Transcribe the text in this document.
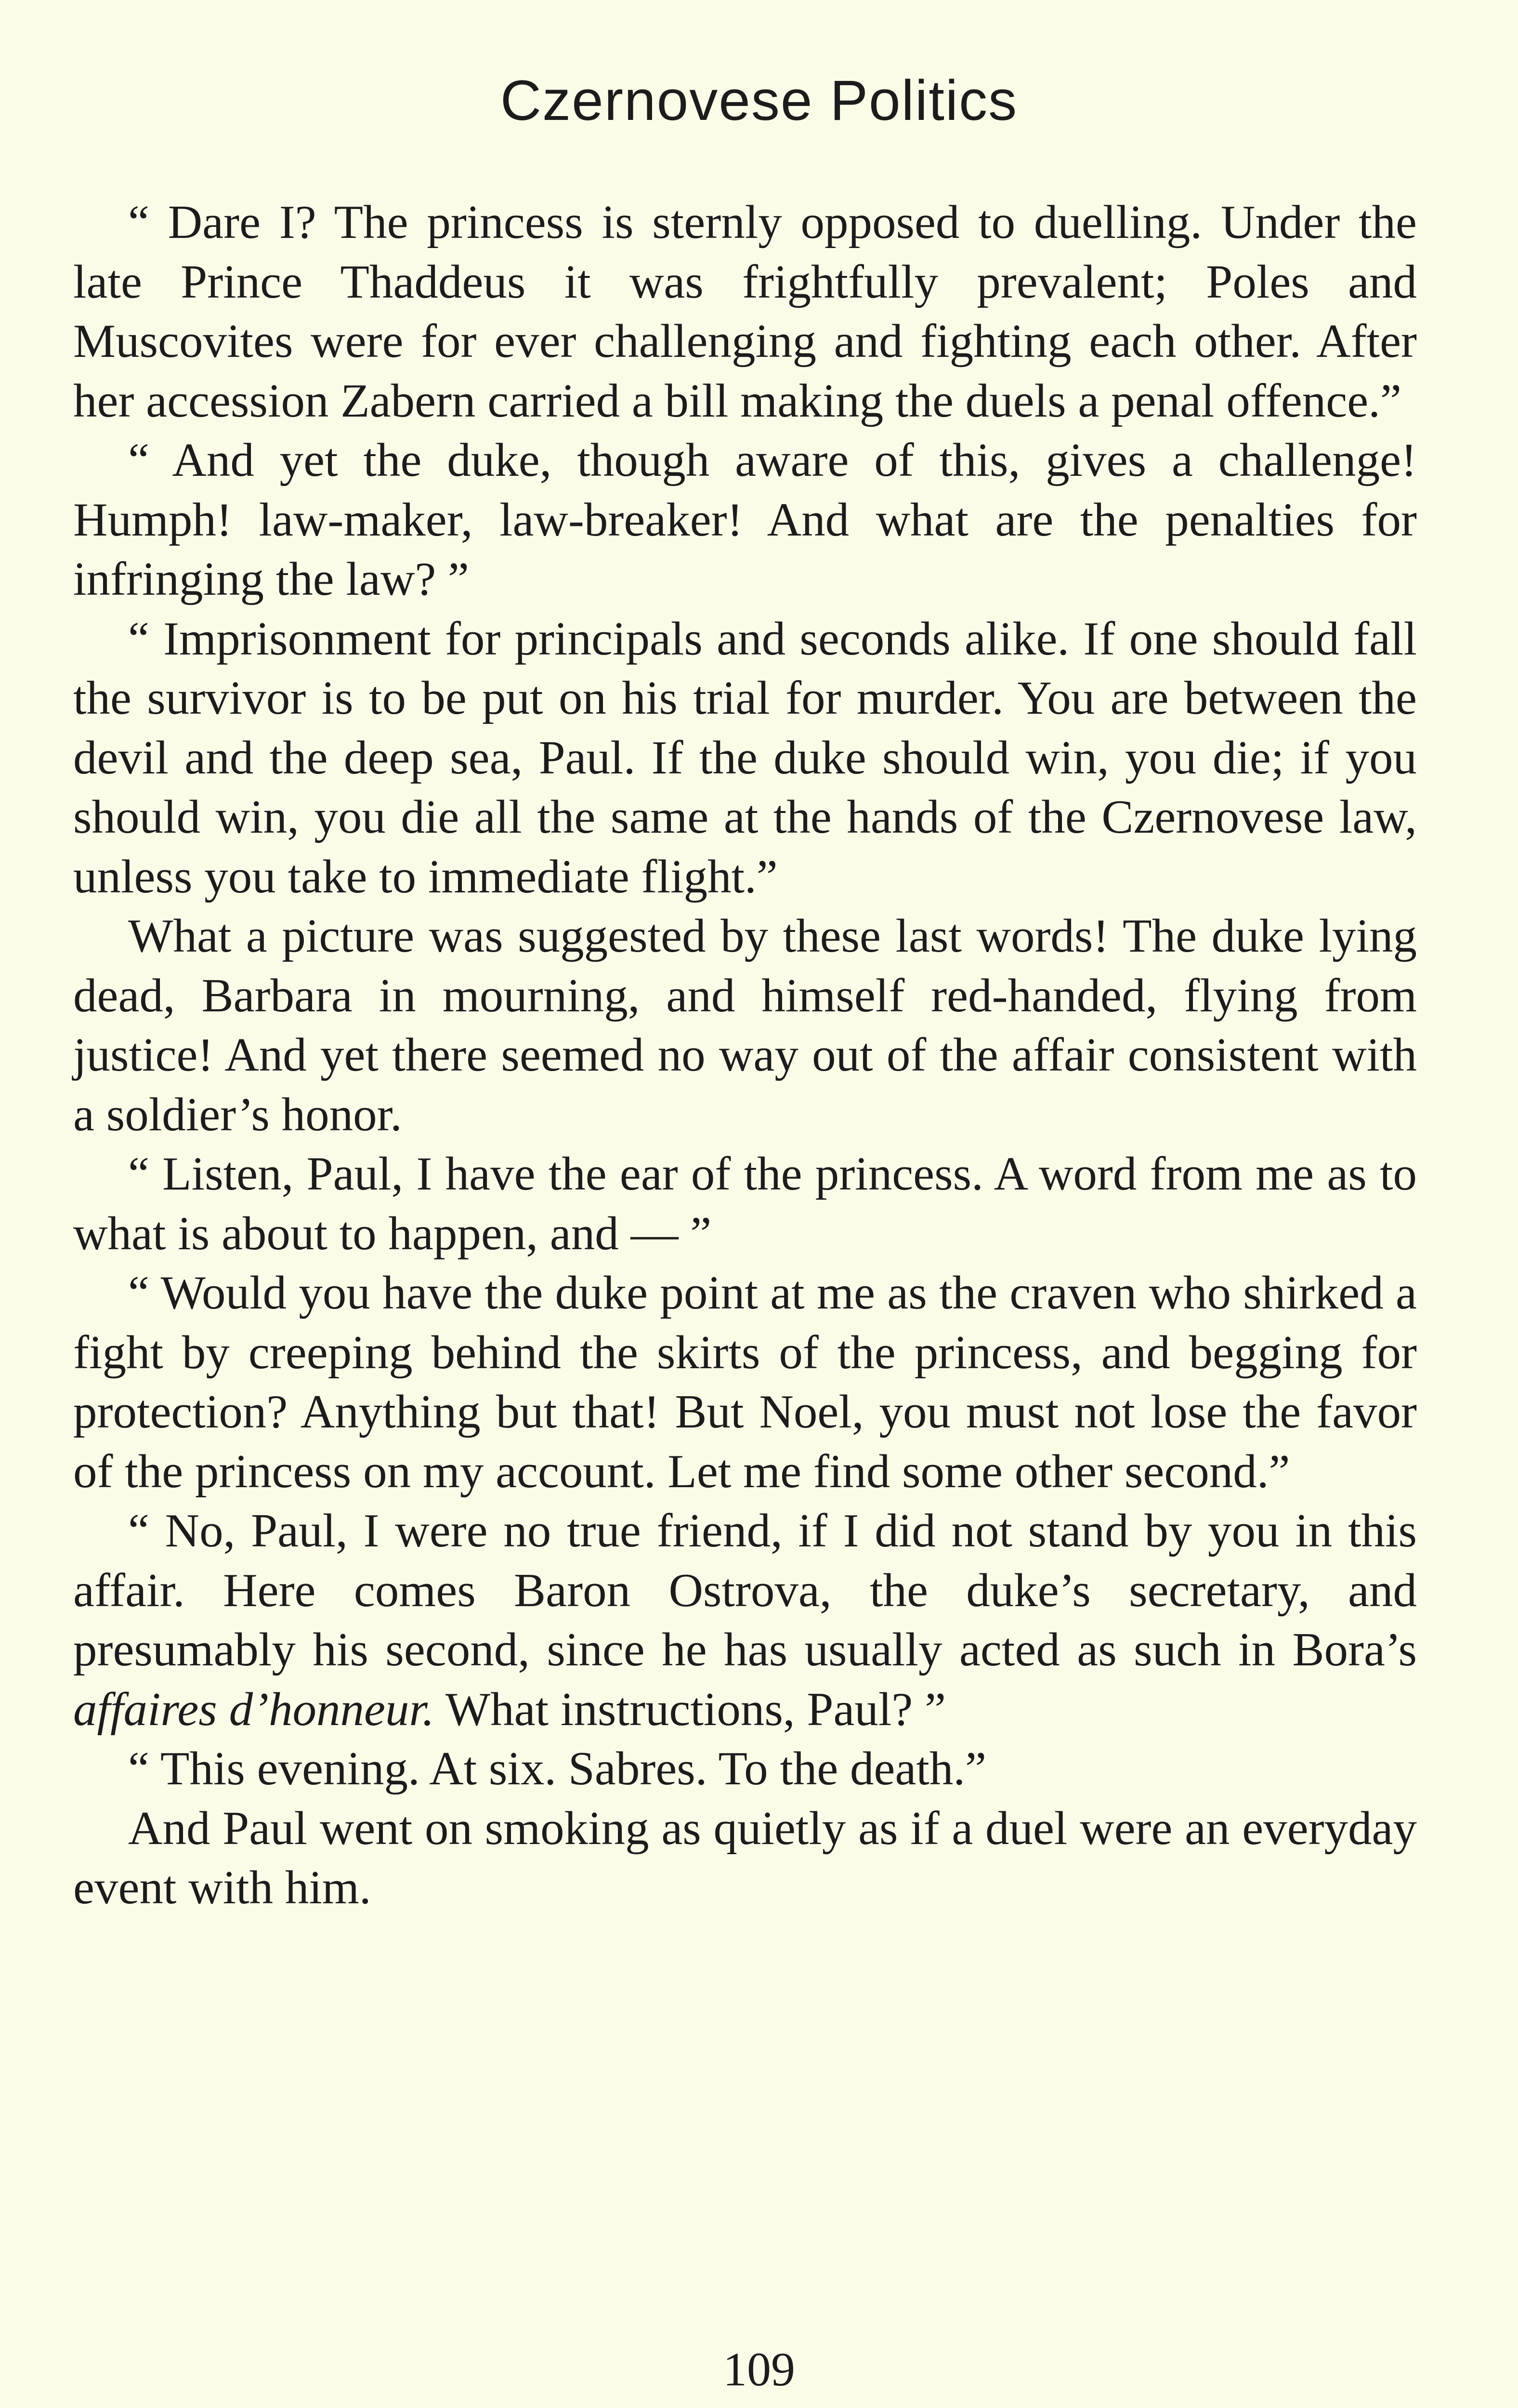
Czernovese Politics

“ Dare I? The princess is sternly opposed to duelling. Under the late Prince Thaddeus it was frightfully prevalent; Poles and Muscovites were for ever challenging and fighting each other. After her accession Zabern carried a bill making the duels a penal offence.”

“ And yet the duke, though aware of this, gives a challenge! Humph! law-maker, law-breaker! And what are the penalties for infringing the law? ”

“ Imprisonment for principals and seconds alike. If one should fall the survivor is to be put on his trial for murder. You are between the devil and the deep sea, Paul. If the duke should win, you die; if you should win, you die all the same at the hands of the Czernovese law, unless you take to immediate flight.”

What a picture was suggested by these last words! The duke lying dead, Barbara in mourning, and himself red-handed, flying from justice! And yet there seemed no way out of the affair consistent with a soldier’s honor.

“ Listen, Paul, I have the ear of the princess. A word from me as to what is about to happen, and — ”

“ Would you have the duke point at me as the craven who shirked a fight by creeping behind the skirts of the princess, and begging for protection? Anything but that! But Noel, you must not lose the favor of the princess on my account. Let me find some other second.”

“ No, Paul, I were no true friend, if I did not stand by you in this affair. Here comes Baron Ostrova, the duke’s secretary, and presumably his second, since he has usually acted as such in Bora’s affaires d’honneur. What instructions, Paul? ”

“ This evening. At six. Sabres. To the death.”

And Paul went on smoking as quietly as if a duel were an everyday event with him.

109
